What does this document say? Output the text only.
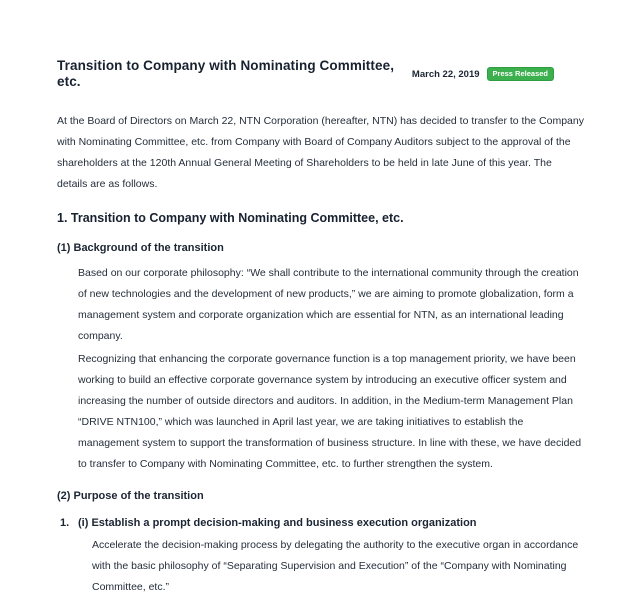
Transition to Company with Nominating Committee, etc.	March 22, 2019	Press Released

At the Board of Directors on March 22, NTN Corporation (hereafter, NTN) has decided to transfer to the Company with Nominating Committee, etc. from Company with Board of Company Auditors subject to the approval of the shareholders at the 120th Annual General Meeting of Shareholders to be held in late June of this year. The details are as follows.

1. Transition to Company with Nominating Committee, etc.
(1) Background of the transition

Based on our corporate philosophy: “We shall contribute to the international community through the creation of new technologies and the development of new products,” we are aiming to promote globalization, form a management system and corporate organization which are essential for NTN, as an international leading company.

Recognizing that enhancing the corporate governance function is a top management priority, we have been working to build an effective corporate governance system by introducing an executive officer system and increasing the number of outside directors and auditors. In addition, in the Medium-term Management Plan “DRIVE NTN100,” which was launched in April last year, we are taking initiatives to establish the management system to support the transformation of business structure. In line with these, we have decided to transfer to Company with Nominating Committee, etc. to further strengthen the system.

(2) Purpose of the transition
1. (i) Establish a prompt decision-making and business execution organization

Accelerate the decision-making process by delegating the authority to the executive organ in accordance with the basic philosophy of “Separating Supervision and Execution” of the “Company with Nominating Committee, etc.”
